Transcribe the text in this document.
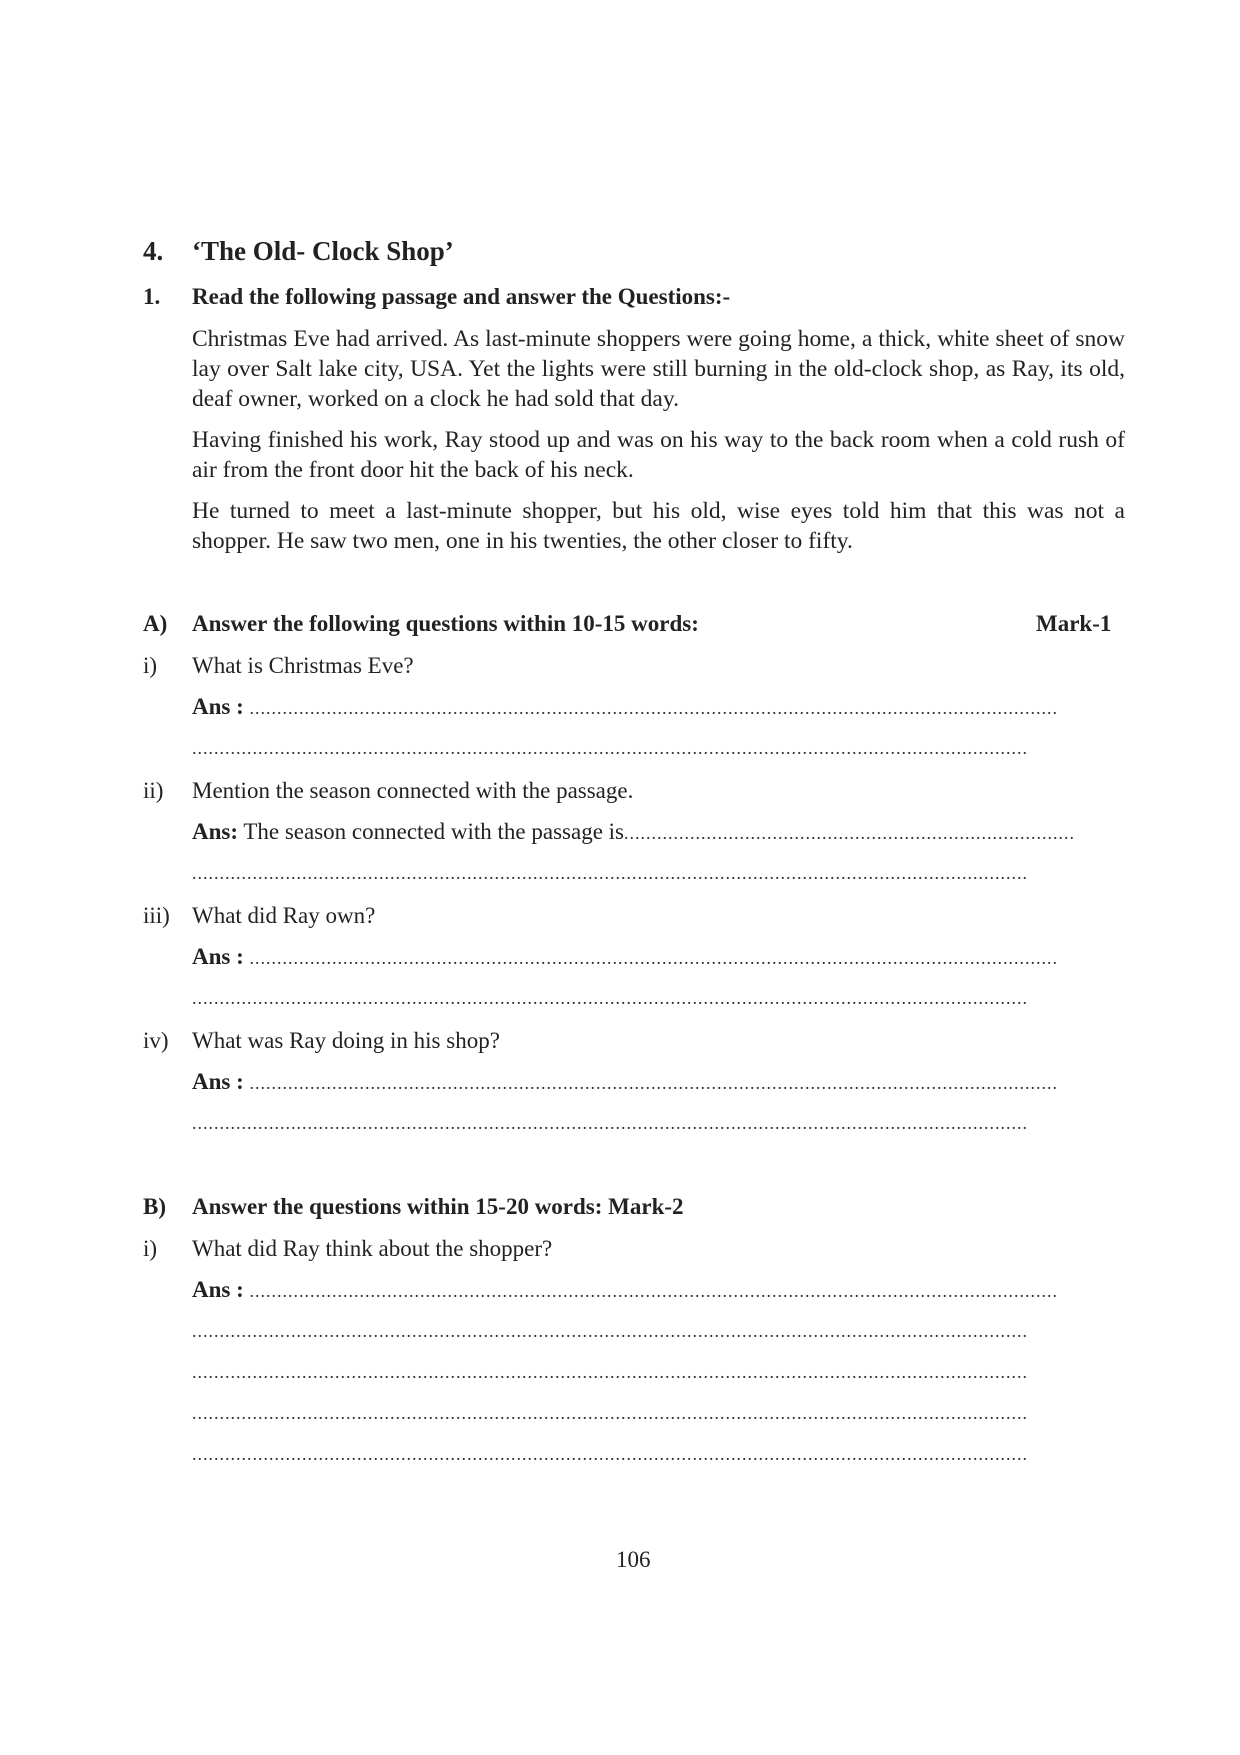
4. ‘The Old- Clock Shop’
1. Read the following passage and answer the Questions:-
Christmas Eve had arrived. As last-minute shoppers were going home, a thick, white sheet of snow lay over Salt lake city, USA. Yet the lights were still burning in the old-clock shop, as Ray, its old, deaf owner, worked on a clock he had sold that day.
Having finished his work, Ray stood up and was on his way to the back room when a cold rush of air from the front door hit the back of his neck.
He turned to meet a last-minute shopper, but his old, wise eyes told him that this was not a shopper. He saw two men, one in his twenties, the other closer to fifty.
A) Answer the following questions within 10-15 words:	Mark-1
i) What is Christmas Eve?
Ans : ...................................................................................................................................................
........................................................................................................................................................
ii) Mention the season connected with the passage.
Ans: The season connected with the passage is..................................................................................
........................................................................................................................................................
iii) What did Ray own?
Ans : ...................................................................................................................................................
........................................................................................................................................................
iv) What was Ray doing in his shop?
Ans : ...................................................................................................................................................
........................................................................................................................................................
B) Answer the questions within 15-20 words: Mark-2
i) What did Ray think about the shopper?
Ans : ...................................................................................................................................................
........................................................................................................................................................
........................................................................................................................................................
........................................................................................................................................................
........................................................................................................................................................
106
